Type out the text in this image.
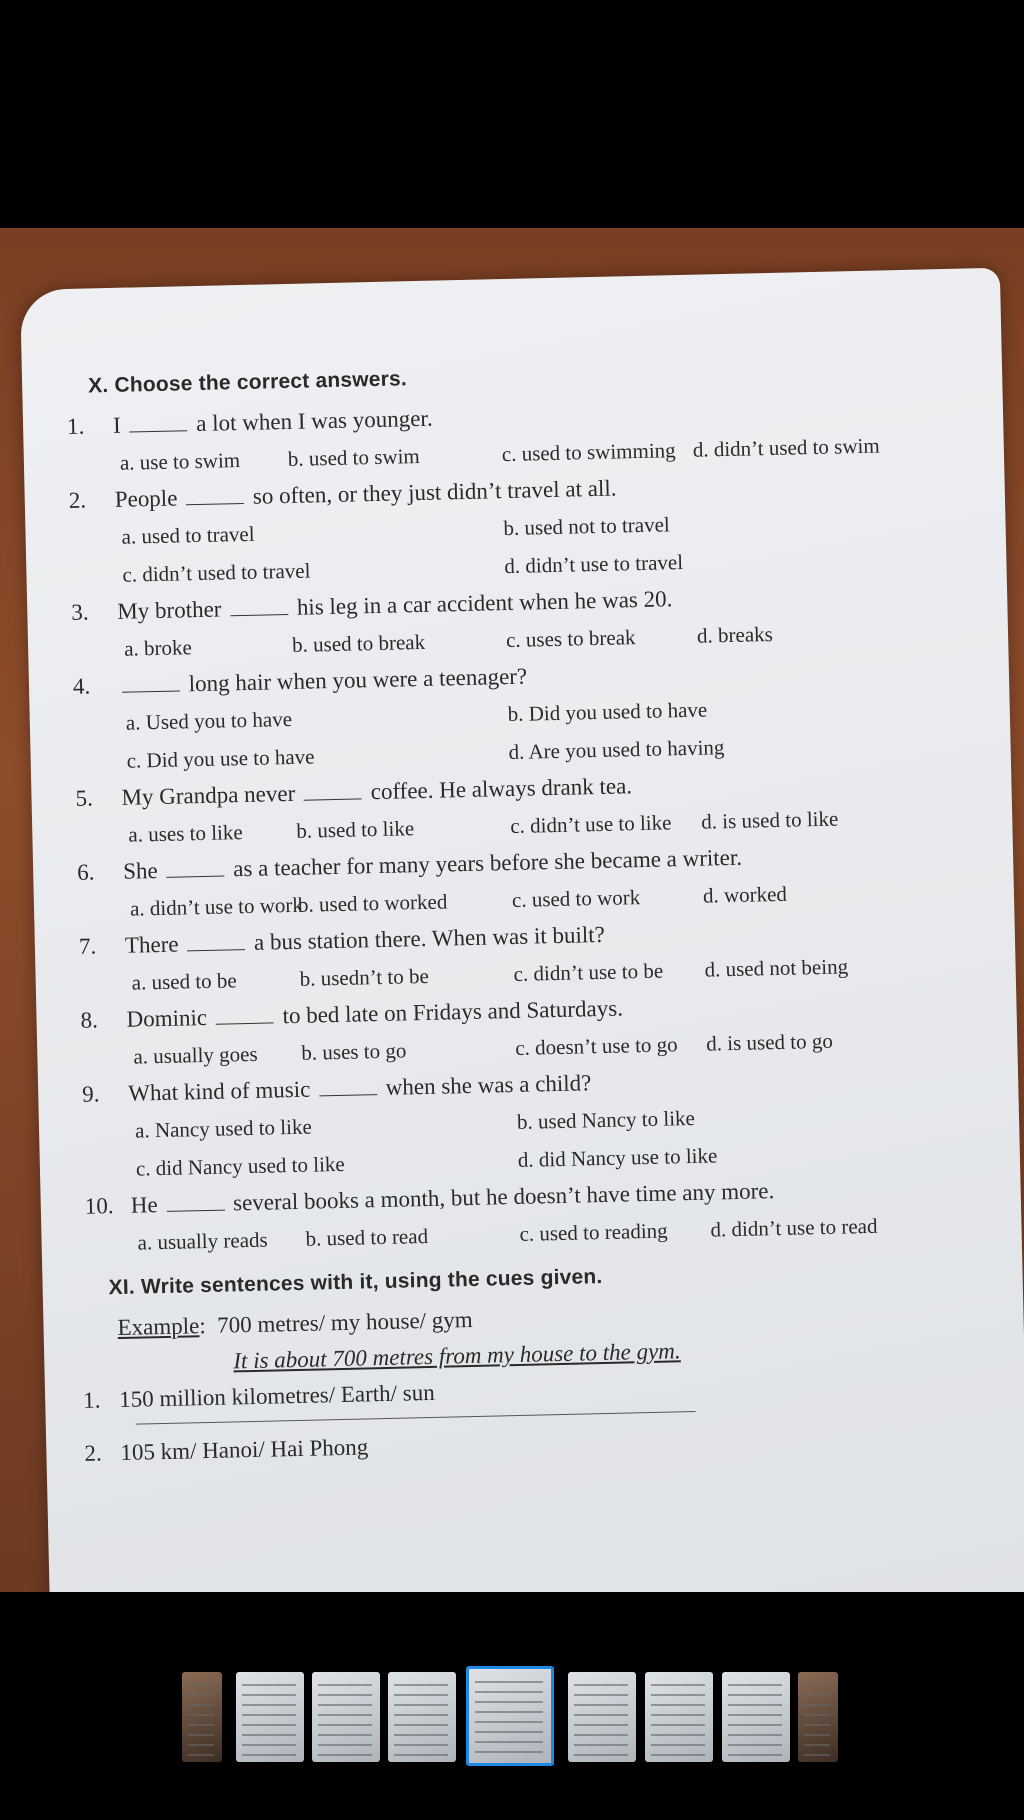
X. Choose the correct answers.
1.	I	a lot when I was younger.
a. use to swim b. used to swim	c. used to swimming d. didn’t used to swim
2.	People	so often, or they just didn’t travel at all.
a. used to travel	b. used not to travel
c. didn’t used to travel	d. didn’t use to travel
3.	My brother	his leg in a car accident when he was 20.
a. broke	b. used to break	c. uses to break	d. breaks
4.	long hair when you were a teenager?
a. Used you to have	b. Did you used to have
c. Did you use to have	d. Are you used to having
5.	My Grandpa never	coffee. He always drank tea.
a. uses to like	b. used to like	c. didn’t use to like d. is used to like
6.	She	as a teacher for many years before she became a writer.
a. didn’t use to work
b. used to worked	c. used to work	d. worked
7.	There	a bus station there. When was it built?
a. used to be	b. usedn’t to be	c. didn’t use to be d. used not being
8.	Dominic	to bed late on Fridays and Saturdays.
a. usually goes b. uses to go	c. doesn’t use to go d. is used to go
9.	What kind of music	when she was a child?
a. Nancy used to like	b. used Nancy to like
c. did Nancy used to like	d. did Nancy use to like
10. He	several books a month, but he doesn’t have time any more.
a. usually reads b. used to read	c. used to reading d. didn’t use to read
XI. Write sentences with it, using the cues given.
Example:  700 metres/ my house/ gym
It is about 700 metres from my house to the gym.
1. 150 million kilometres/ Earth/ sun
2. 105 km/ Hanoi/ Hai Phong
